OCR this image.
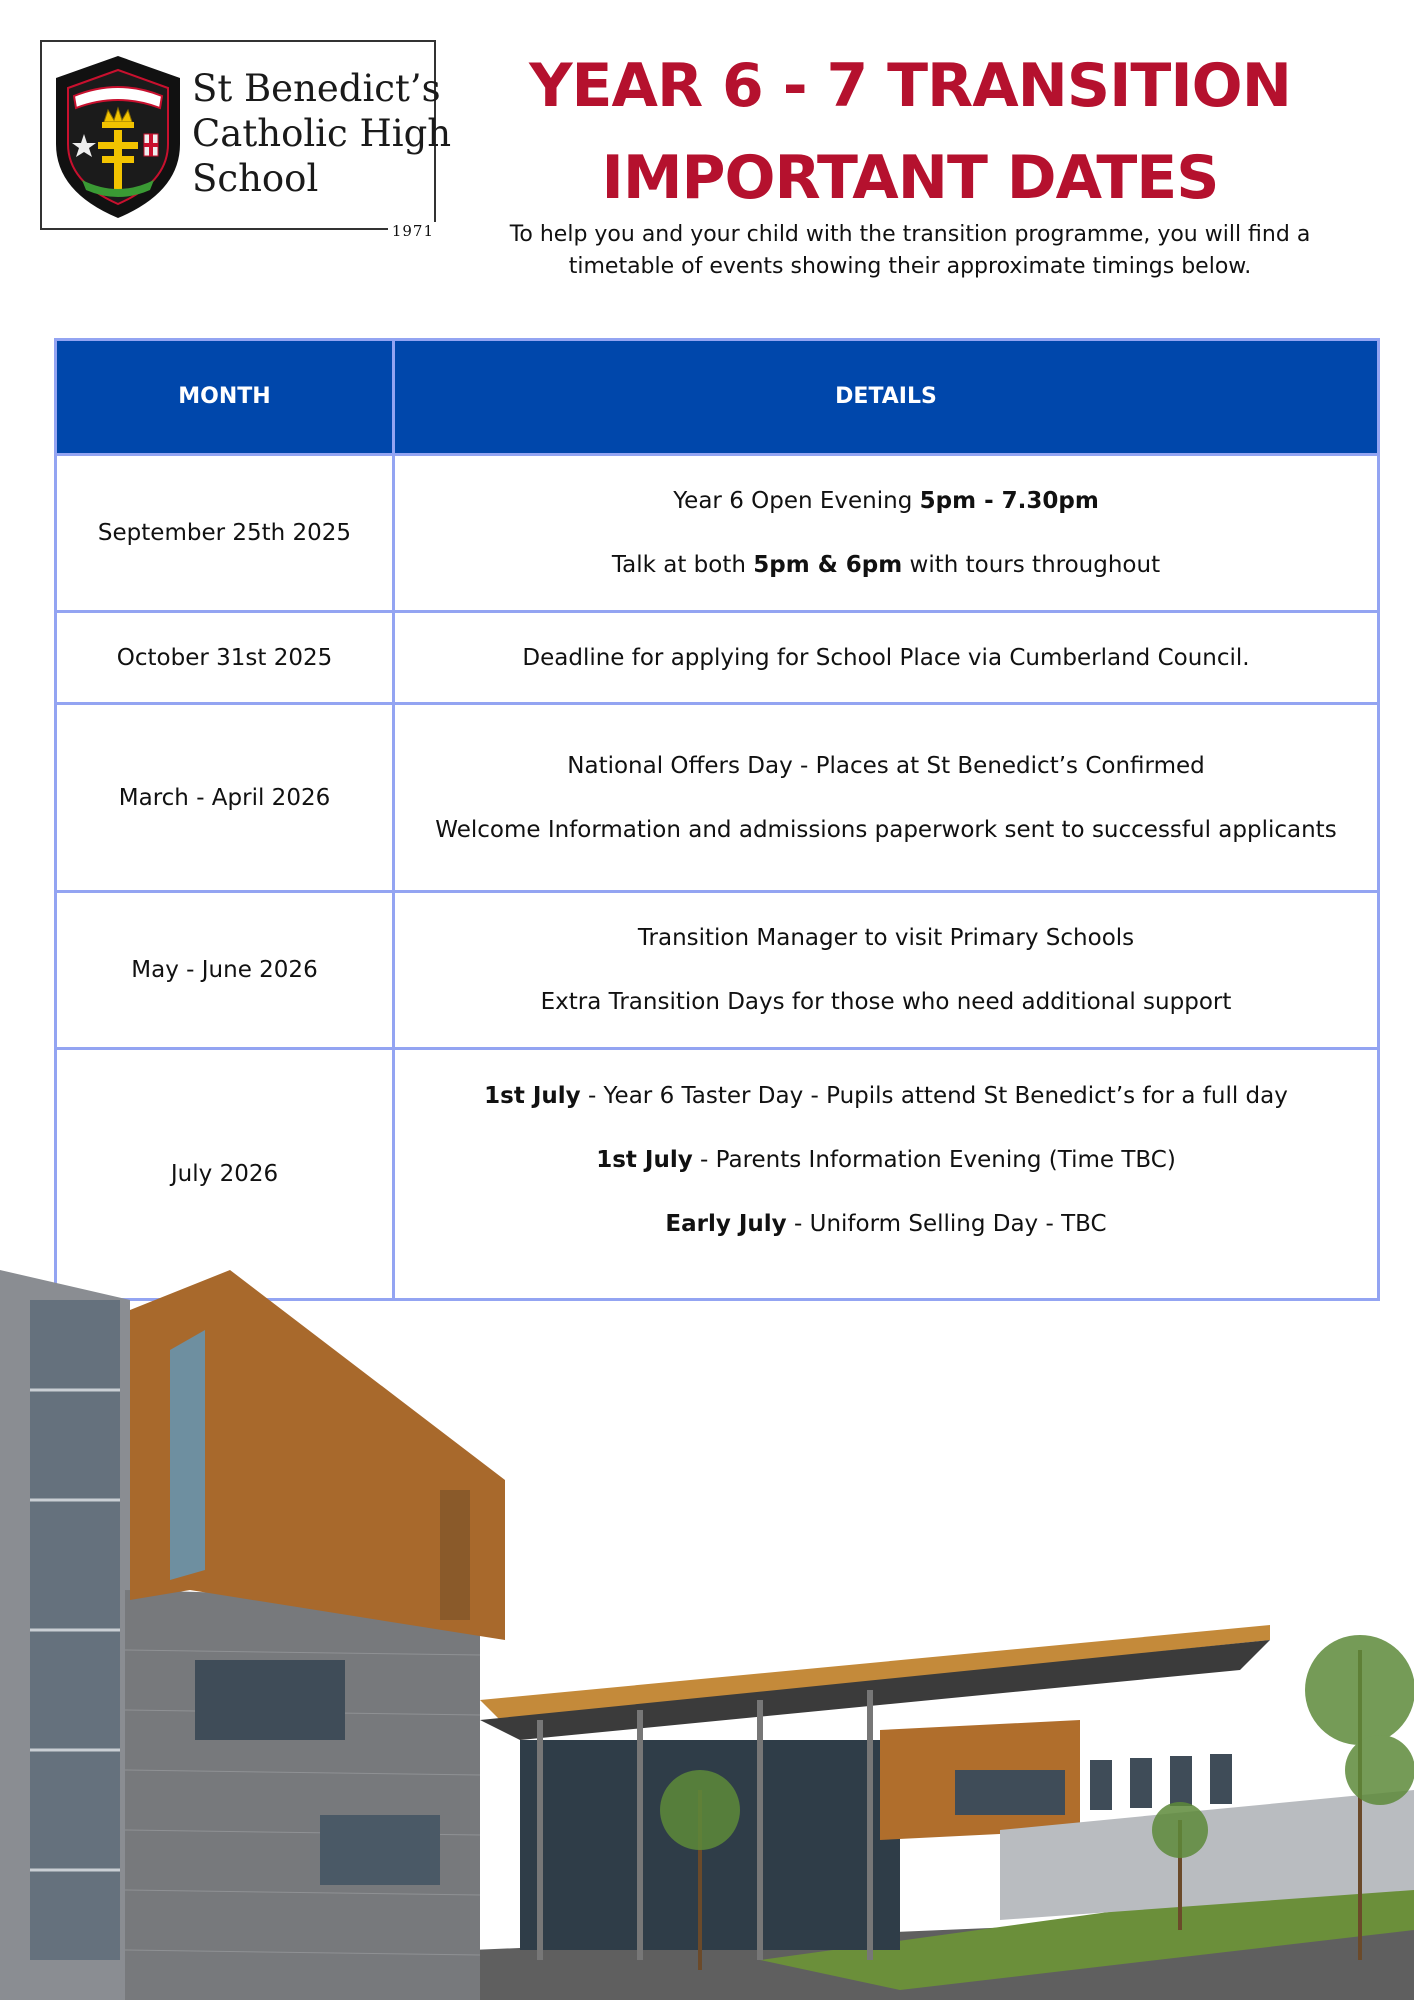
St Benedict’s
Catholic High
School
1971
YEAR 6 - 7 TRANSITION
IMPORTANT DATES
To help you and your child with the transition programme, you will find a
timetable of events showing their approximate timings below.
MONTH	DETAILS
September 25th 2025	Year 6 Open Evening 5pm - 7.30pm

Talk at both 5pm & 6pm with tours throughout

October 31st 2025	Deadline for applying for School Place via Cumberland Council.

March - April 2026	National Offers Day - Places at St Benedict’s Confirmed

Welcome Information and admissions paperwork sent to successful applicants

May - June 2026	Transition Manager to visit Primary Schools

Extra Transition Days for those who need additional support

July 2026	1st July - Year 6 Taster Day - Pupils attend St Benedict’s for a full day

1st July - Parents Information Evening (Time TBC)

Early July - Uniform Selling Day - TBC
